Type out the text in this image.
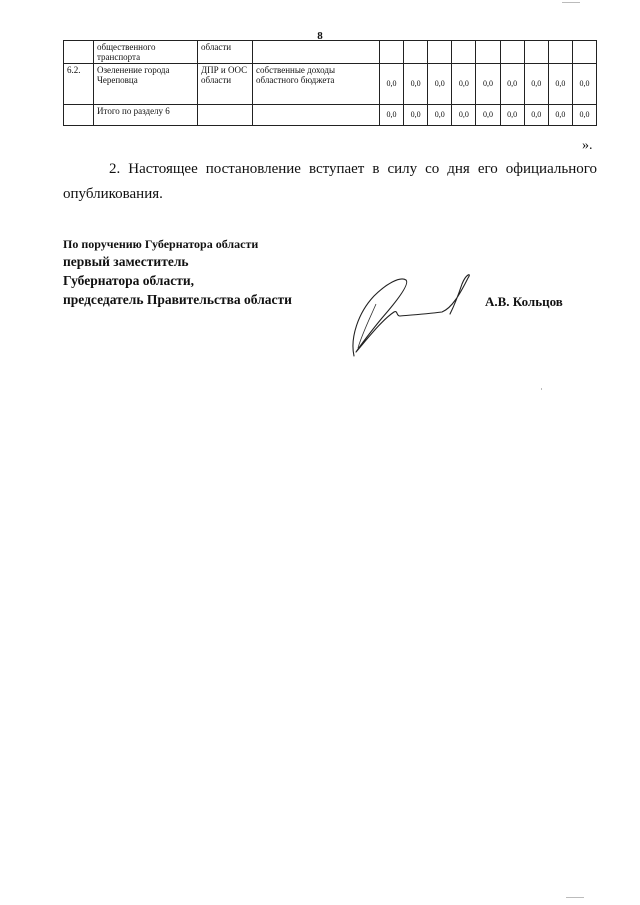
8
	общественного транспорта	области										
6.2.	Озеленение города Череповца	ДПР и ООС области	собственные доходы областного бюджета	0,0	0,0	0,0	0,0	0,0	0,0	0,0	0,0	0,0
	Итого по разделу 6			0,0	0,0	0,0	0,0	0,0	0,0	0,0	0,0	0,0
».
2. Настоящее постановление вступает в силу со дня его официального опубликования.
По поручению Губернатора области
первый заместитель
Губернатора области,
председатель Правительства области	А.В. Кольцов
